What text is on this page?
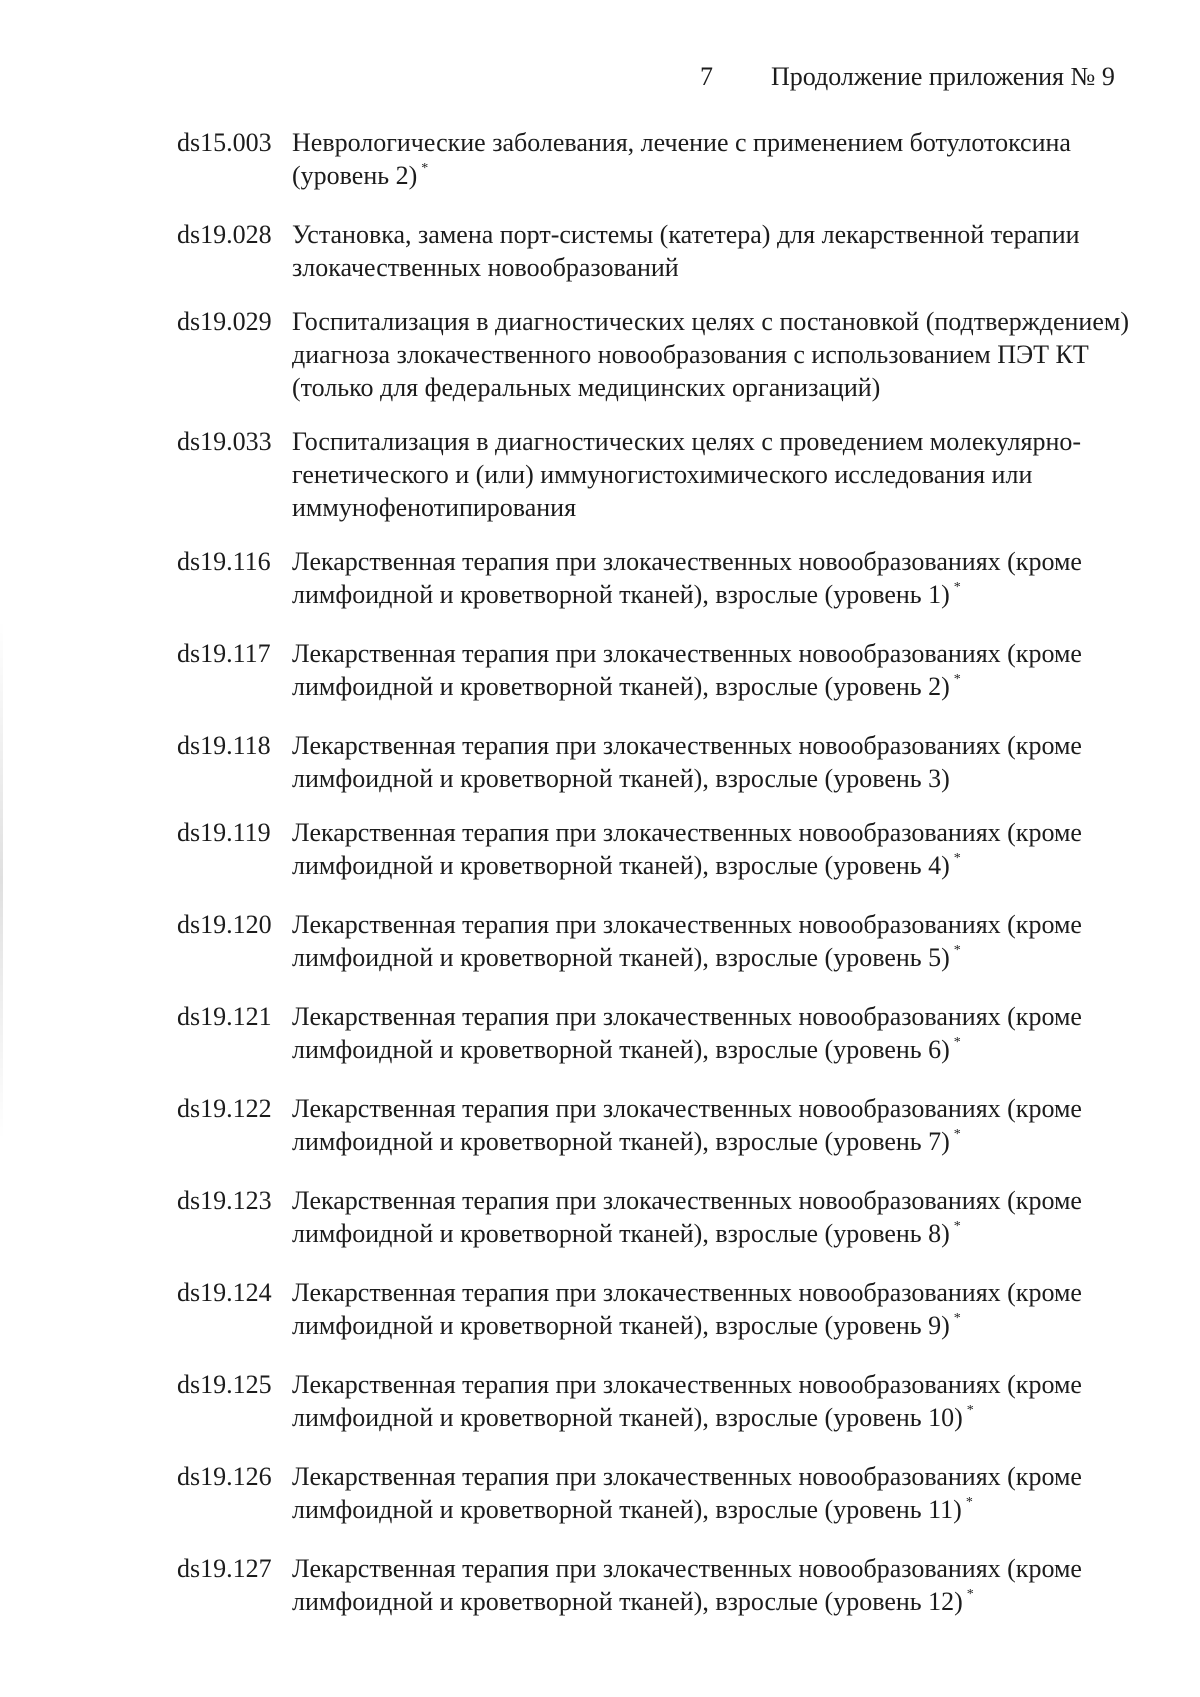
7 Продолжение приложения № 9
ds15.003 Неврологические заболевания, лечение с применением ботулотоксина (уровень 2) *
ds19.028 Установка, замена порт-системы (катетера) для лекарственной терапии злокачественных новообразований
ds19.029 Госпитализация в диагностических целях с постановкой (подтверждением) диагноза злокачественного новообразования с использованием ПЭТ КТ (только для федеральных медицинских организаций)
ds19.033 Госпитализация в диагностических целях с проведением молекулярно-генетического и (или) иммуногистохимического исследования или иммунофенотипирования
ds19.116 Лекарственная терапия при злокачественных новообразованиях (кроме лимфоидной и кроветворной тканей), взрослые (уровень 1) *
ds19.117 Лекарственная терапия при злокачественных новообразованиях (кроме лимфоидной и кроветворной тканей), взрослые (уровень 2) *
ds19.118 Лекарственная терапия при злокачественных новообразованиях (кроме лимфоидной и кроветворной тканей), взрослые (уровень 3)
ds19.119 Лекарственная терапия при злокачественных новообразованиях (кроме лимфоидной и кроветворной тканей), взрослые (уровень 4) *
ds19.120 Лекарственная терапия при злокачественных новообразованиях (кроме лимфоидной и кроветворной тканей), взрослые (уровень 5) *
ds19.121 Лекарственная терапия при злокачественных новообразованиях (кроме лимфоидной и кроветворной тканей), взрослые (уровень 6) *
ds19.122 Лекарственная терапия при злокачественных новообразованиях (кроме лимфоидной и кроветворной тканей), взрослые (уровень 7) *
ds19.123 Лекарственная терапия при злокачественных новообразованиях (кроме лимфоидной и кроветворной тканей), взрослые (уровень 8) *
ds19.124 Лекарственная терапия при злокачественных новообразованиях (кроме лимфоидной и кроветворной тканей), взрослые (уровень 9) *
ds19.125 Лекарственная терапия при злокачественных новообразованиях (кроме лимфоидной и кроветворной тканей), взрослые (уровень 10) *
ds19.126 Лекарственная терапия при злокачественных новообразованиях (кроме лимфоидной и кроветворной тканей), взрослые (уровень 11) *
ds19.127 Лекарственная терапия при злокачественных новообразованиях (кроме лимфоидной и кроветворной тканей), взрослые (уровень 12) *
